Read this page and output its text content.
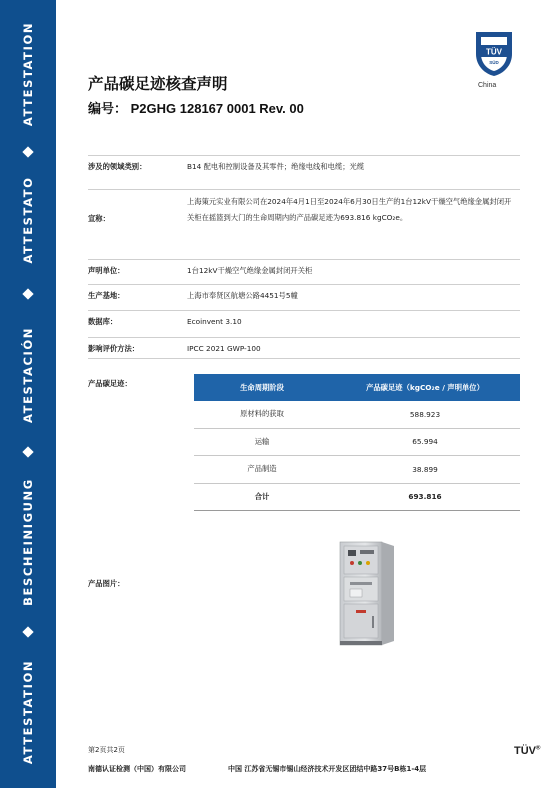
ATTESTATION
ATTESTATO
ATESTACIÓN
BESCHEINIGUNG
ATTESTATION
TÜV
SÜD
China
产品碳足迹核查声明
编号： P2GHG 128167 0001 Rev. 00
涉及的领域类别：	B14 配电和控制设备及其零件；绝缘电线和电缆；光缆
宣称：
上海策元实业有限公司在2024年4月1日至2024年6月30日生产的1台12kV干燥空气绝缘金属封闭开关柜在摇篮到大门的生命周期内的产品碳足迹为693.816 kgCO₂e。
声明单位：	1台12kV干燥空气绝缘金属封闭开关柜
生产基地：	上海市奉贤区航塘公路4451号5幢
数据库：	Ecoinvent 3.10
影响评价方法：	IPCC 2021 GWP-100
产品碳足迹：	生命周期阶段	产品碳足迹（kgCO₂e / 声明单位）
原材料的获取	588.923
运输	65.994
产品制造	38.899
合计	693.816
产品图片：
第2页共2页
南德认证检测（中国）有限公司	中国 江苏省无锡市锡山经济技术开发区团结中路37号B栋1-4层
TÜV®
